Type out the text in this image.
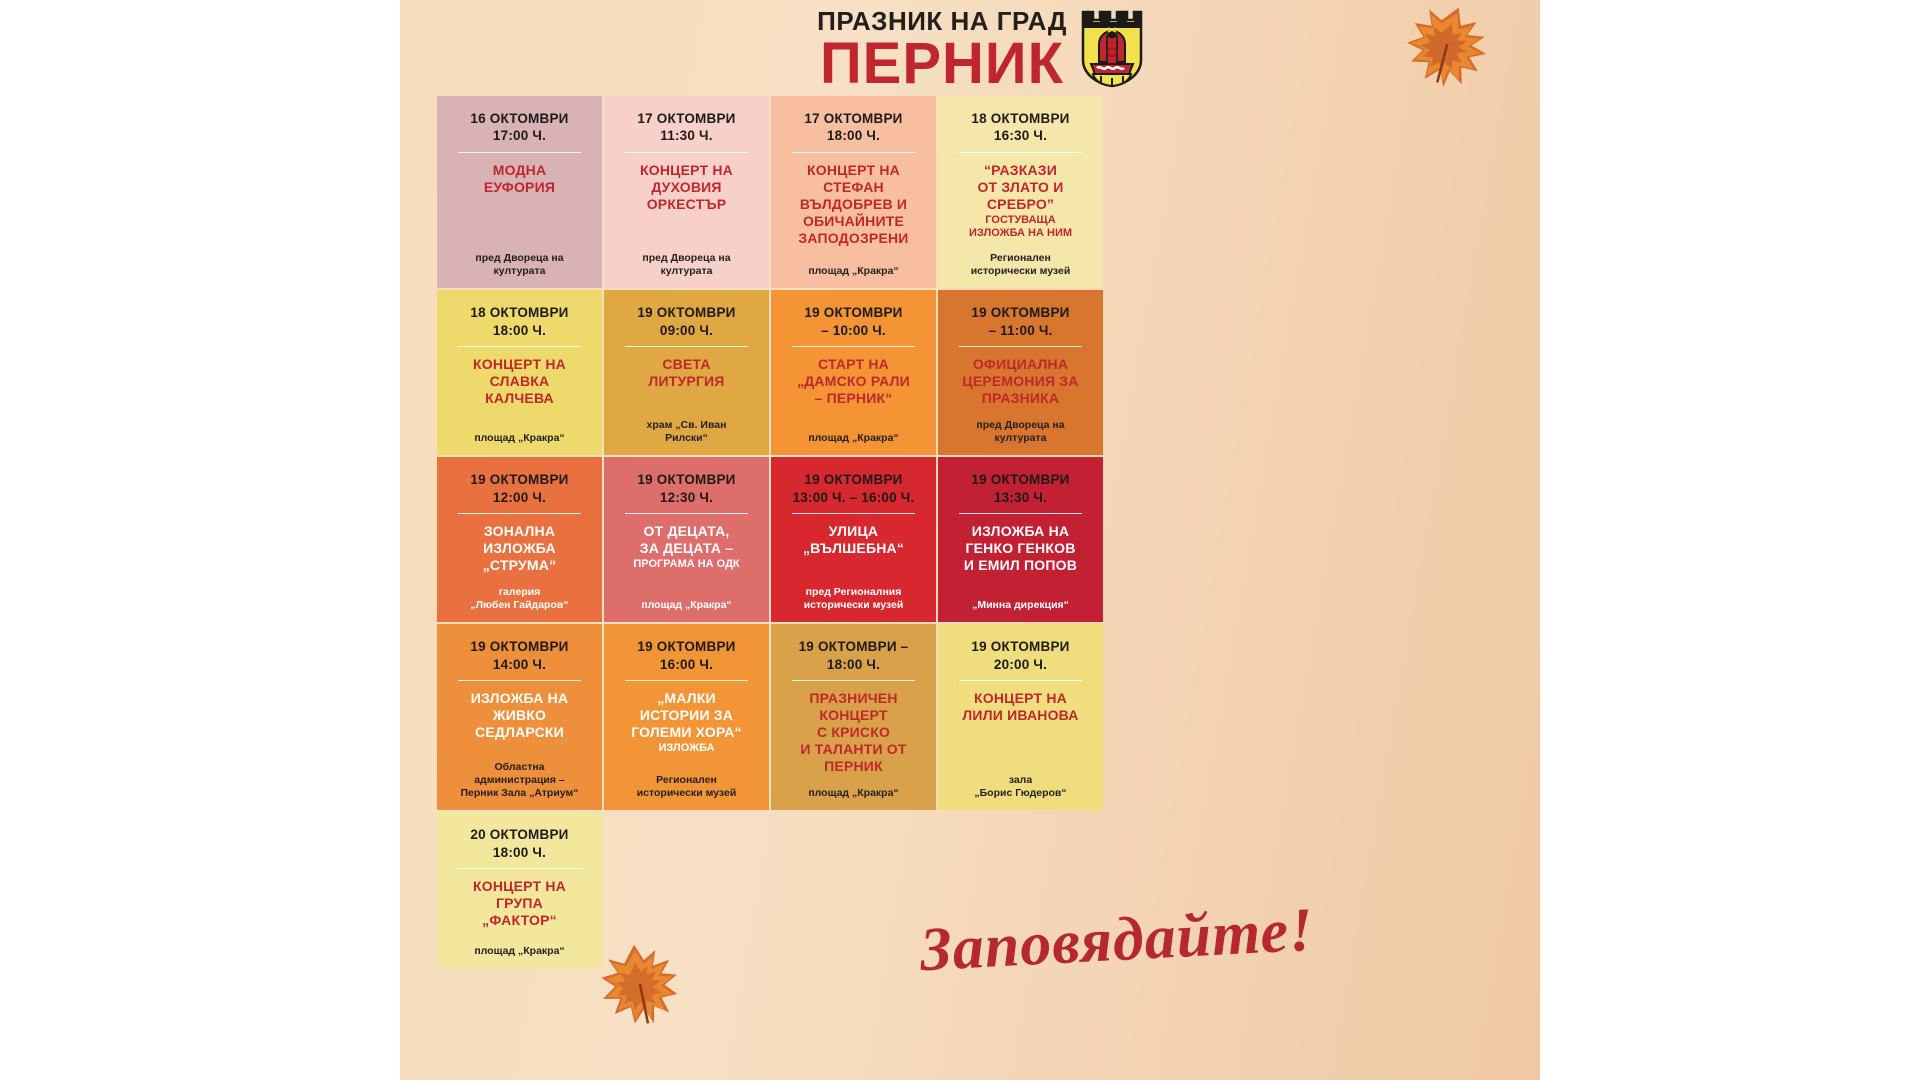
ПРАЗНИК НА ГРАД
ПЕРНИК
16 ОКТОМВРИ
17:00 Ч.
МОДНА
ЕУФОРИЯ
пред Двореца на
културата
17 ОКТОМВРИ
11:30 Ч.
КОНЦЕРТ НА
ДУХОВИЯ
ОРКЕСТЪР
пред Двореца на
културата
17 ОКТОМВРИ
18:00 Ч.
КОНЦЕРТ НА
СТЕФАН
ВЪЛДОБРЕВ И
ОБИЧАЙНИТЕ
ЗАПОДОЗРЕНИ
площад „Кракра“
18 ОКТОМВРИ
16:30 Ч.
“РАЗКАЗИ
ОТ ЗЛАТО И
СРЕБРО”
ГОСТУВАЩА
ИЗЛОЖБА НА НИМ
Регионален
исторически музей
18 ОКТОМВРИ
18:00 Ч.
КОНЦЕРТ НА
СЛАВКА
КАЛЧЕВА
площад „Кракра“
19 ОКТОМВРИ
09:00 Ч.
СВЕТА
ЛИТУРГИЯ
храм „Св. Иван
Рилски“
19 ОКТОМВРИ
– 10:00 Ч.
СТАРТ НА
„ДАМСКО РАЛИ
– ПЕРНИК“
площад „Кракра“
19 ОКТОМВРИ
– 11:00 Ч.
ОФИЦИАЛНА
ЦЕРЕМОНИЯ ЗА
ПРАЗНИКА
пред Двореца на
културата
19 ОКТОМВРИ
12:00 Ч.
ЗОНАЛНА
ИЗЛОЖБА
„СТРУМА“
галерия
„Любен Гайдаров“
19 ОКТОМВРИ
12:30 Ч.
ОТ ДЕЦАТА,
ЗА ДЕЦАТА –
ПРОГРАМА НА ОДК
площад „Кракра“
19 ОКТОМВРИ
13:00 Ч. – 16:00 Ч.
УЛИЦА
„ВЪЛШЕБНА“
пред Регионалния
исторически музей
19 ОКТОМВРИ
13:30 Ч.
ИЗЛОЖБА НА
ГЕНКО ГЕНКОВ
И ЕМИЛ ПОПОВ
„Минна дирекция“
19 ОКТОМВРИ
14:00 Ч.
ИЗЛОЖБА НА
ЖИВКО
СЕДЛАРСКИ
Областна
администрация –
Перник Зала „Атриум“
19 ОКТОМВРИ
16:00 Ч.
„МАЛКИ
ИСТОРИИ ЗА
ГОЛЕМИ ХОРА“
ИЗЛОЖБА
Регионален
исторически музей
19 ОКТОМВРИ –
18:00 Ч.
ПРАЗНИЧЕН
КОНЦЕРТ
С КРИСКО
И ТАЛАНТИ ОТ
ПЕРНИК
площад „Кракра“
19 ОКТОМВРИ
20:00 Ч.
КОНЦЕРТ НА
ЛИЛИ ИВАНОВА
зала
„Борис Гюдеров“
20 ОКТОМВРИ
18:00 Ч.
КОНЦЕРТ НА
ГРУПА
„ФАКТОР“
площад „Кракра“	Заповядайте!
